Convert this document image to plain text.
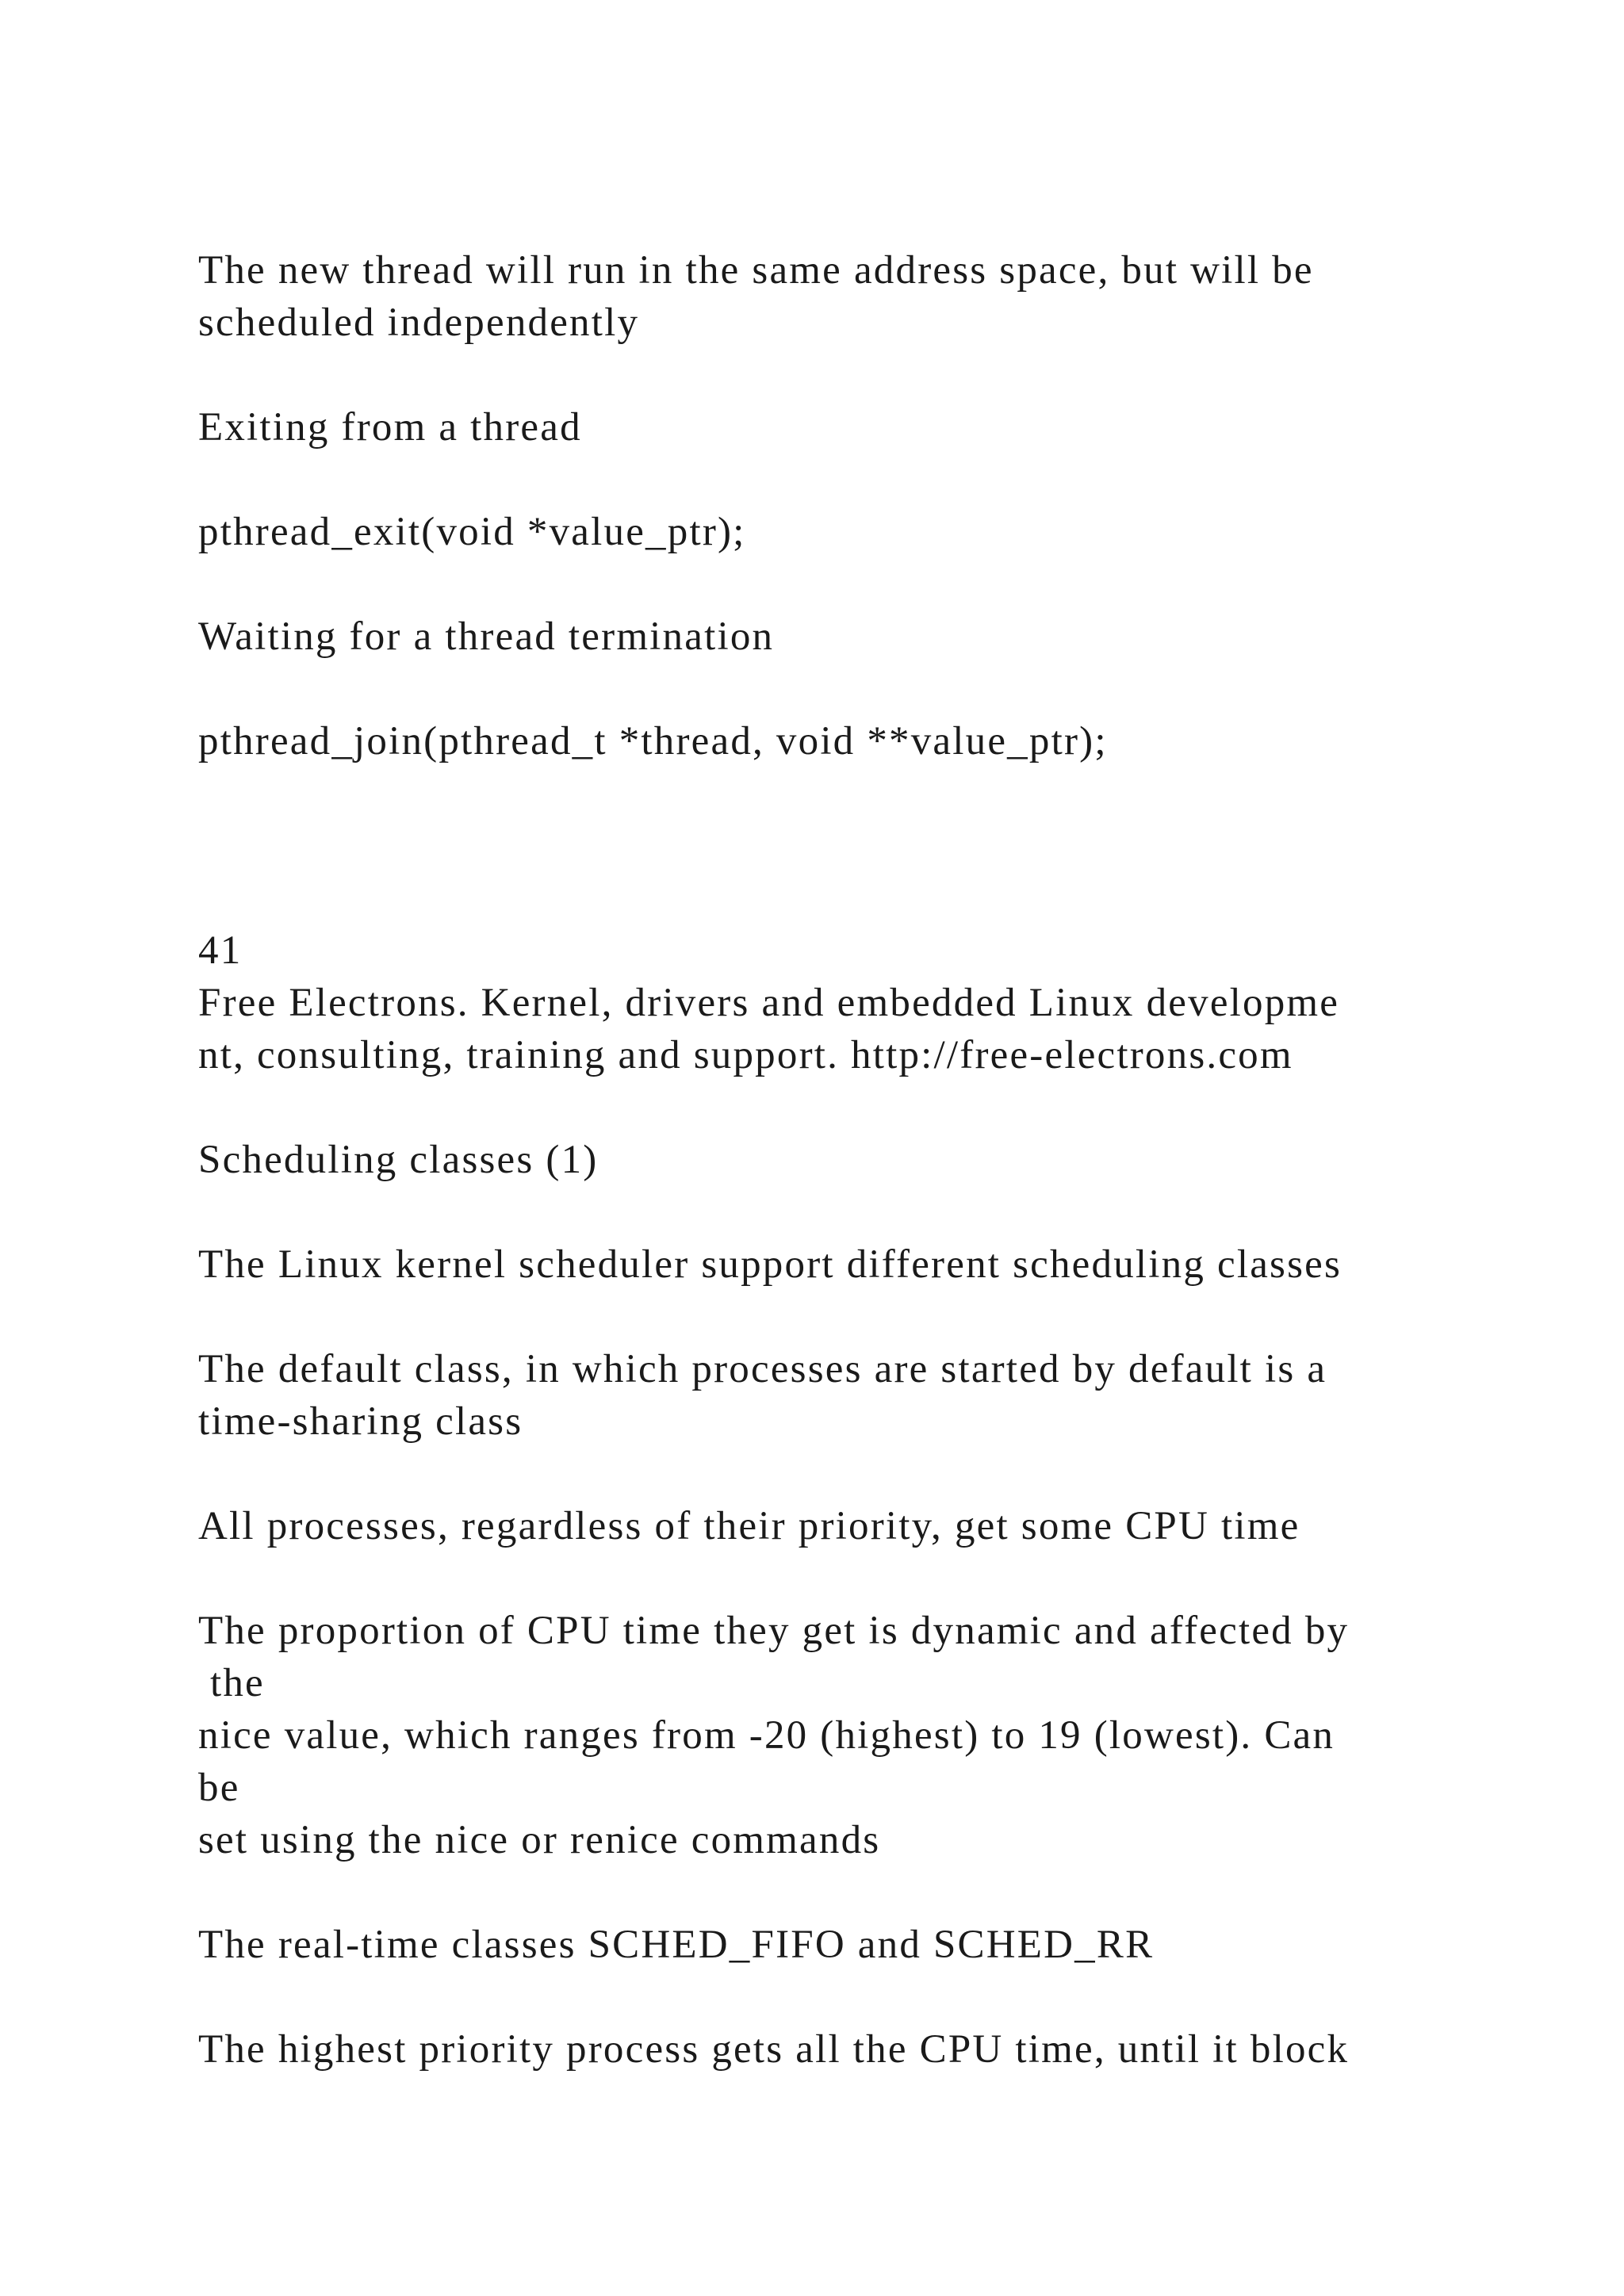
The new thread will run in the same address space, but will be
scheduled independently
Exiting from a thread
pthread_exit(void *value_ptr);
Waiting for a thread termination
pthread_join(pthread_t *thread, void **value_ptr);
41
Free Electrons. Kernel, drivers and embedded Linux developme
nt, consulting, training and support. http://free-electrons.com
Scheduling classes (1)
The Linux kernel scheduler support different scheduling classes
The default class, in which processes are started by default is a
time-sharing class
All processes, regardless of their priority, get some CPU time
The proportion of CPU time they get is dynamic and affected by
the
nice value, which ranges from -20 (highest) to 19 (lowest). Can
be
set using the nice or renice commands
The real-time classes SCHED_FIFO and SCHED_RR
The highest priority process gets all the CPU time, until it block
